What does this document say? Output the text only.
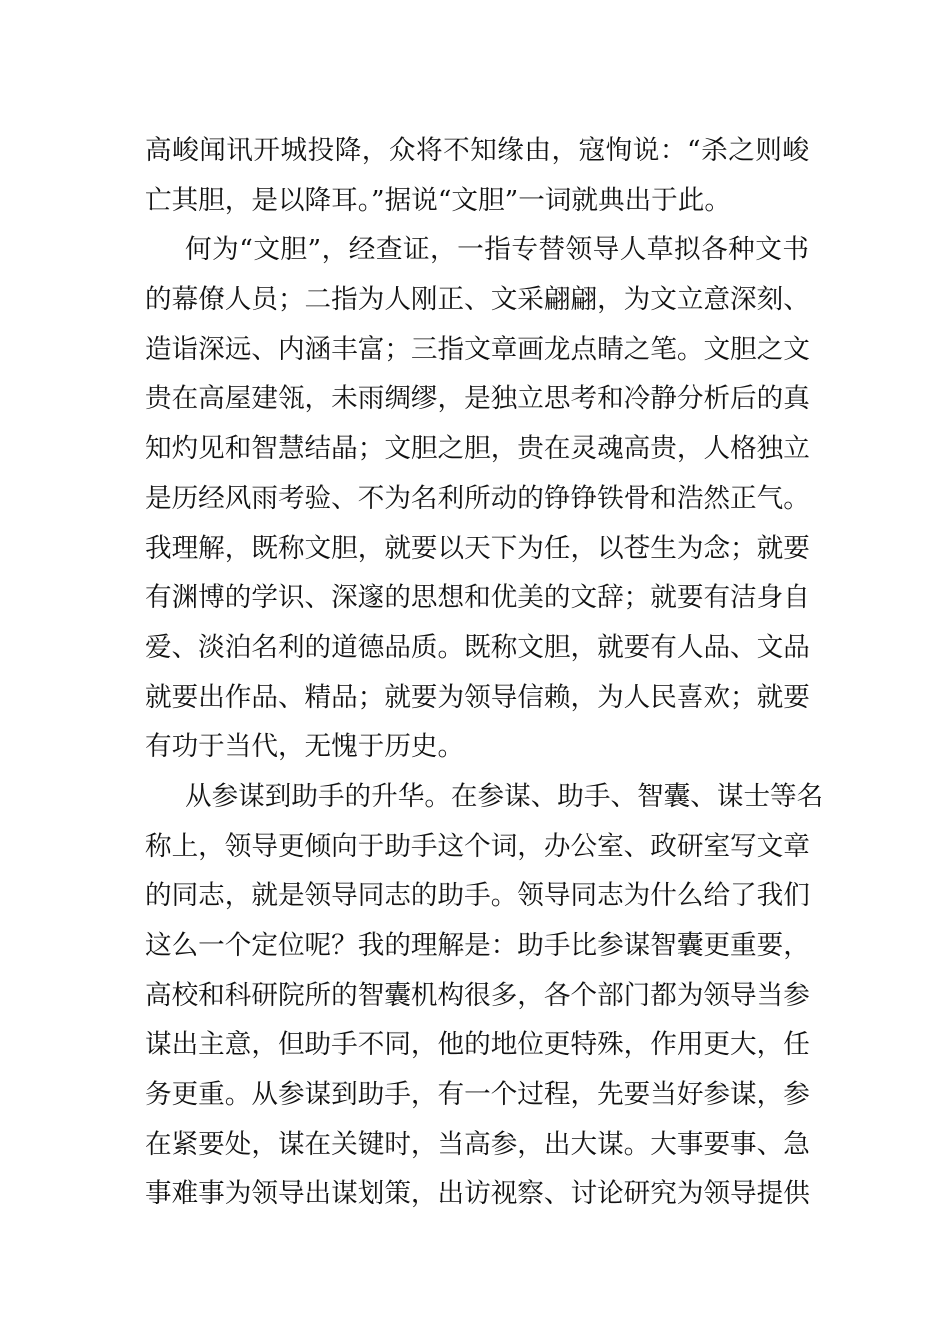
高峻闻讯开城投降，众将不知缘由，寇恂说：“杀之则峻
亡其胆，是以降耳。”据说“文胆”一词就典出于此。
何为“文胆”，经查证，一指专替领导人草拟各种文书
的幕僚人员；二指为人刚正、文采翩翩，为文立意深刻、
造诣深远、内涵丰富；三指文章画龙点睛之笔。文胆之文
贵在高屋建瓴，未雨绸缪，是独立思考和冷静分析后的真
知灼见和智慧结晶；文胆之胆，贵在灵魂高贵，人格独立
是历经风雨考验、不为名利所动的铮铮铁骨和浩然正气。
我理解，既称文胆，就要以天下为任，以苍生为念；就要
有渊博的学识、深邃的思想和优美的文辞；就要有洁身自
爱、淡泊名利的道德品质。既称文胆，就要有人品、文品
就要出作品、精品；就要为领导信赖，为人民喜欢；就要
有功于当代，无愧于历史。
从参谋到助手的升华。在参谋、助手、智囊、谋士等名
称上，领导更倾向于助手这个词，办公室、政研室写文章
的同志，就是领导同志的助手。领导同志为什么给了我们
这么一个定位呢？我的理解是：助手比参谋智囊更重要，
高校和科研院所的智囊机构很多，各个部门都为领导当参
谋出主意，但助手不同，他的地位更特殊，作用更大，任
务更重。从参谋到助手，有一个过程，先要当好参谋，参
在紧要处，谋在关键时，当高参，出大谋。大事要事、急
事难事为领导出谋划策，出访视察、讨论研究为领导提供
